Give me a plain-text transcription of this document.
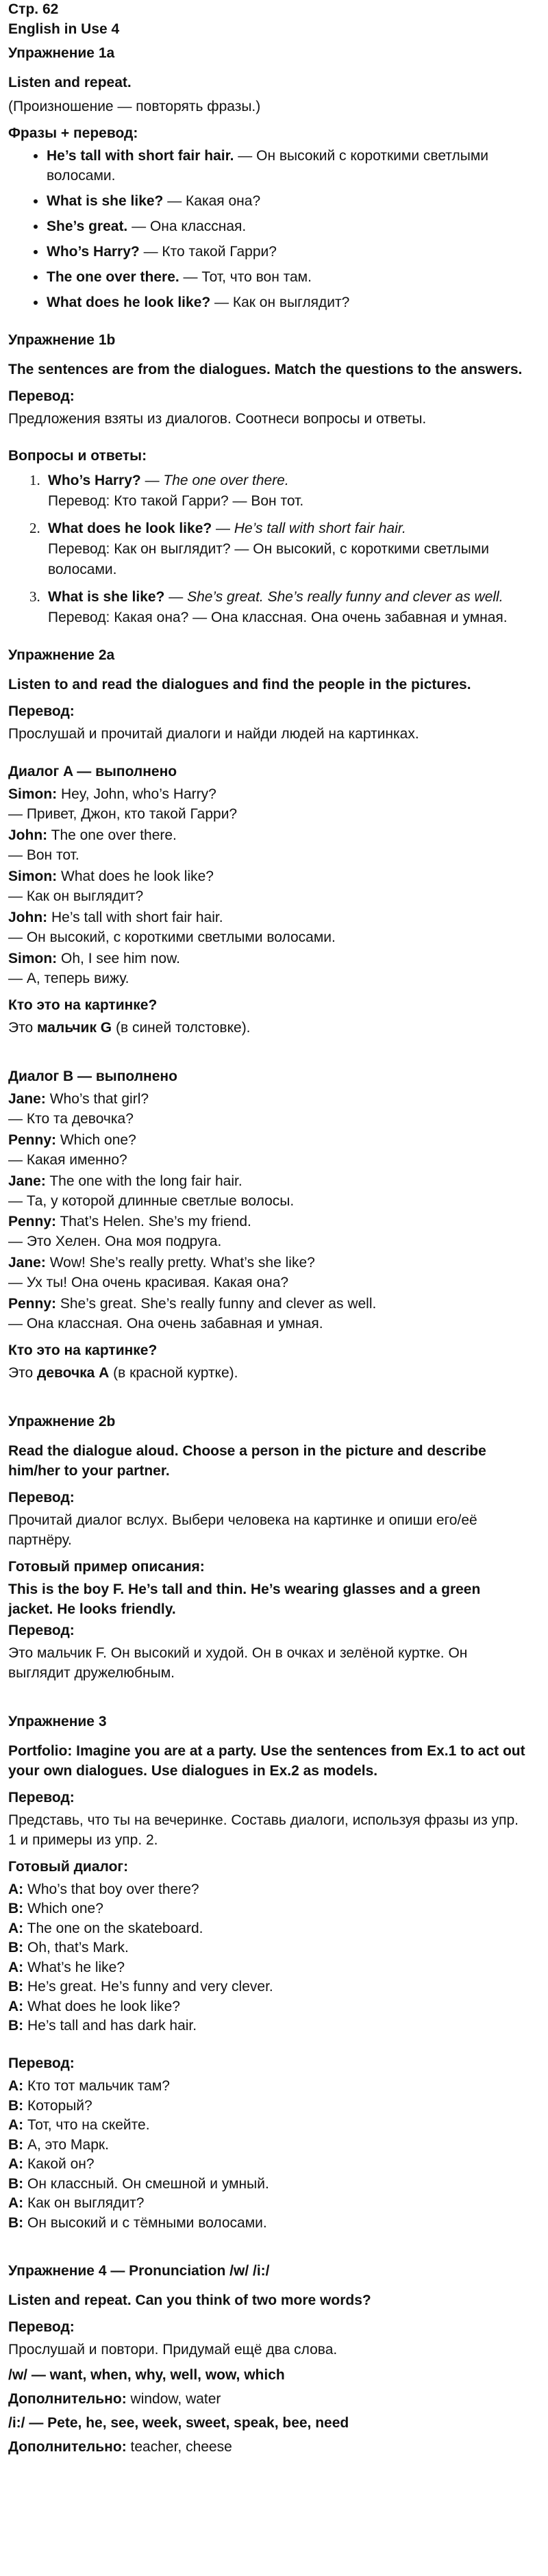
Стр. 62

English in Use 4

Упражнение 1a

Listen and repeat.

(Произношение — повторять фразы.)

Фразы + перевод:

• He’s tall with short fair hair. — Он высокий с короткими светлыми волосами.
• What is she like? — Какая она?
• She’s great. — Она классная.
• Who’s Harry? — Кто такой Гарри?
• The one over there. — Тот, что вон там.
• What does he look like? — Как он выглядит?

Упражнение 1b

The sentences are from the dialogues. Match the questions to the answers.

Перевод:

Предложения взяты из диалогов. Соотнеси вопросы и ответы.

Вопросы и ответы:

1. Who’s Harry? — The one over there.
Перевод: Кто такой Гарри? — Вон тот.
2. What does he look like? — He’s tall with short fair hair.
Перевод: Как он выглядит? — Он высокий, с короткими светлыми волосами.
3. What is she like? — She’s great. She’s really funny and clever as well.
Перевод: Какая она? — Она классная. Она очень забавная и умная.

Упражнение 2a

Listen to and read the dialogues and find the people in the pictures.

Перевод:

Прослушай и прочитай диалоги и найди людей на картинках.

Диалог A — выполнено

Simon: Hey, John, who’s Harry?
— Привет, Джон, кто такой Гарри?
John: The one over there.
— Вон тот.
Simon: What does he look like?
— Как он выглядит?
John: He’s tall with short fair hair.
— Он высокий, с короткими светлыми волосами.
Simon: Oh, I see him now.
— А, теперь вижу.

Кто это на картинке?

Это мальчик G (в синей толстовке).

Диалог B — выполнено

Jane: Who’s that girl?
— Кто та девочка?
Penny: Which one?
— Какая именно?
Jane: The one with the long fair hair.
— Та, у которой длинные светлые волосы.
Penny: That’s Helen. She’s my friend.
— Это Хелен. Она моя подруга.
Jane: Wow! She’s really pretty. What’s she like?
— Ух ты! Она очень красивая. Какая она?
Penny: She’s great. She’s really funny and clever as well.
— Она классная. Она очень забавная и умная.

Кто это на картинке?

Это девочка A (в красной куртке).

Упражнение 2b

Read the dialogue aloud. Choose a person in the picture and describe him/her to your partner.

Перевод:

Прочитай диалог вслух. Выбери человека на картинке и опиши его/её партнёру.

Готовый пример описания:

This is the boy F. He’s tall and thin. He’s wearing glasses and a green jacket. He looks friendly.

Перевод:

Это мальчик F. Он высокий и худой. Он в очках и зелёной куртке. Он выглядит дружелюбным.

Упражнение 3

Portfolio: Imagine you are at a party. Use the sentences from Ex.1 to act out your own dialogues. Use dialogues in Ex.2 as models.

Перевод:

Представь, что ты на вечеринке. Составь диалоги, используя фразы из упр. 1 и примеры из упр. 2.

Готовый диалог:

A: Who’s that boy over there?
B: Which one?
A: The one on the skateboard.
B: Oh, that’s Mark.
A: What’s he like?
B: He’s great. He’s funny and very clever.
A: What does he look like?
B: He’s tall and has dark hair.

Перевод:

A: Кто тот мальчик там?
B: Который?
A: Тот, что на скейте.
B: А, это Марк.
A: Какой он?
B: Он классный. Он смешной и умный.
A: Как он выглядит?
B: Он высокий и с тёмными волосами.

Упражнение 4 — Pronunciation /w/ /i:/

Listen and repeat. Can you think of two more words?

Перевод:

Прослушай и повтори. Придумай ещё два слова.

/w/ — want, when, why, well, wow, which

Дополнительно: window, water

/i:/ — Pete, he, see, week, sweet, speak, bee, need

Дополнительно: teacher, cheese
